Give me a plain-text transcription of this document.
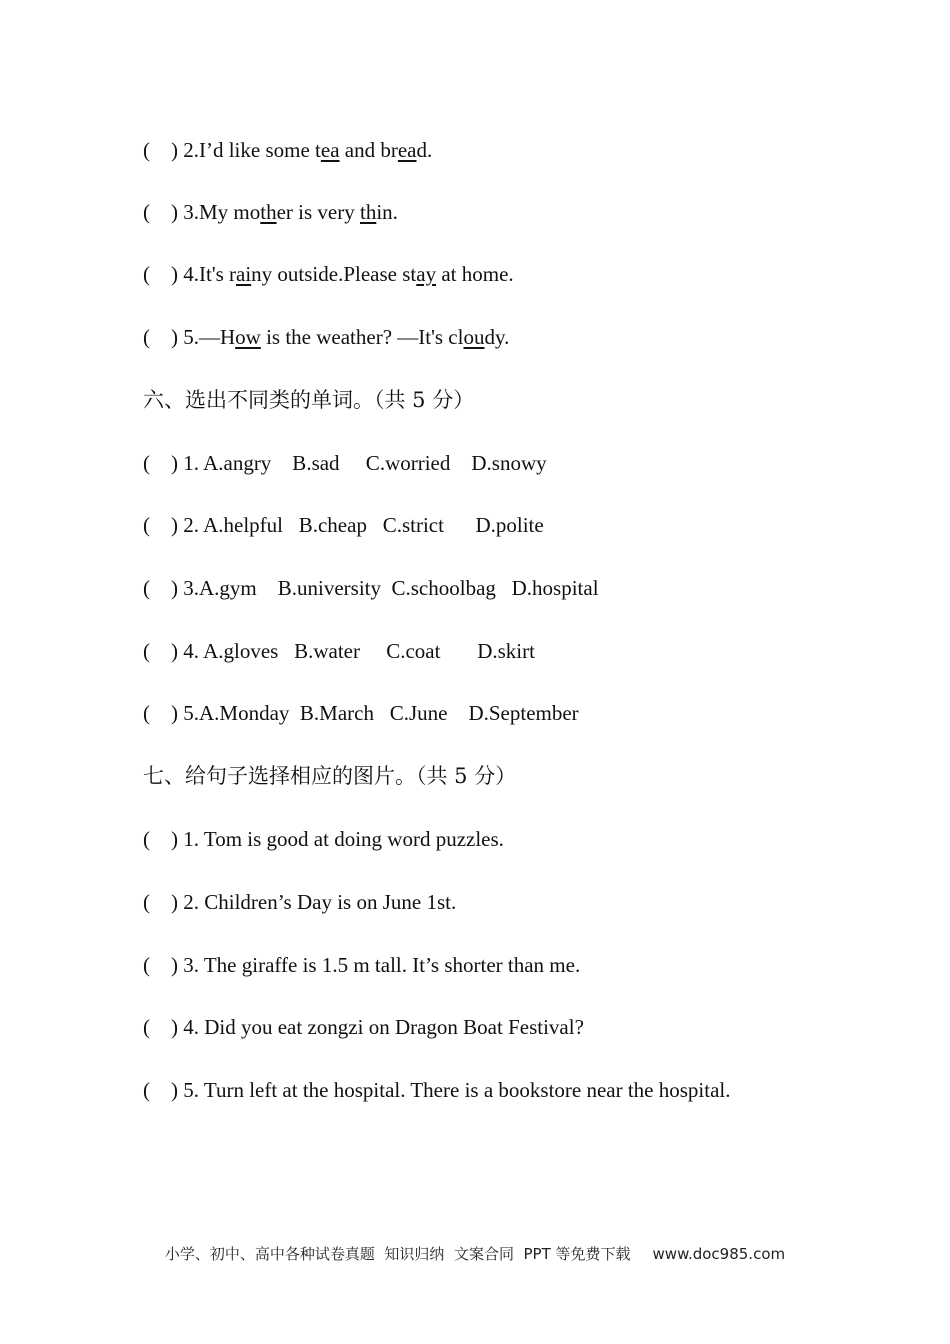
(    ) 2.I’d like some tea and bread.
(    ) 3.My mother is very thin.
(    ) 4.It's rainy outside.Please stay at home.
(    ) 5.—How is the weather? —It's cloudy.
六、选出不同类的单词。（共 5 分）
(    ) 1. A.angry    B.sad     C.worried    D.snowy
(    ) 2. A.helpful   B.cheap   C.strict      D.polite
(    ) 3.A.gym    B.university  C.schoolbag   D.hospital
(    ) 4. A.gloves   B.water     C.coat       D.skirt
(    ) 5.A.Monday  B.March   C.June    D.September
七、给句子选择相应的图片。（共 5 分）
(    ) 1. Tom is good at doing word puzzles.
(    ) 2. Children’s Day is on June 1st.
(    ) 3. The giraffe is 1.5 m tall. It’s shorter than me.
(    ) 4. Did you eat zongzi on Dragon Boat Festival?
(    ) 5. Turn left at the hospital. There is a bookstore near the hospital.
小学、初中、高中各种试卷真题  知识归纳  文案合同  PPT 等免费下载 www.doc985.com
